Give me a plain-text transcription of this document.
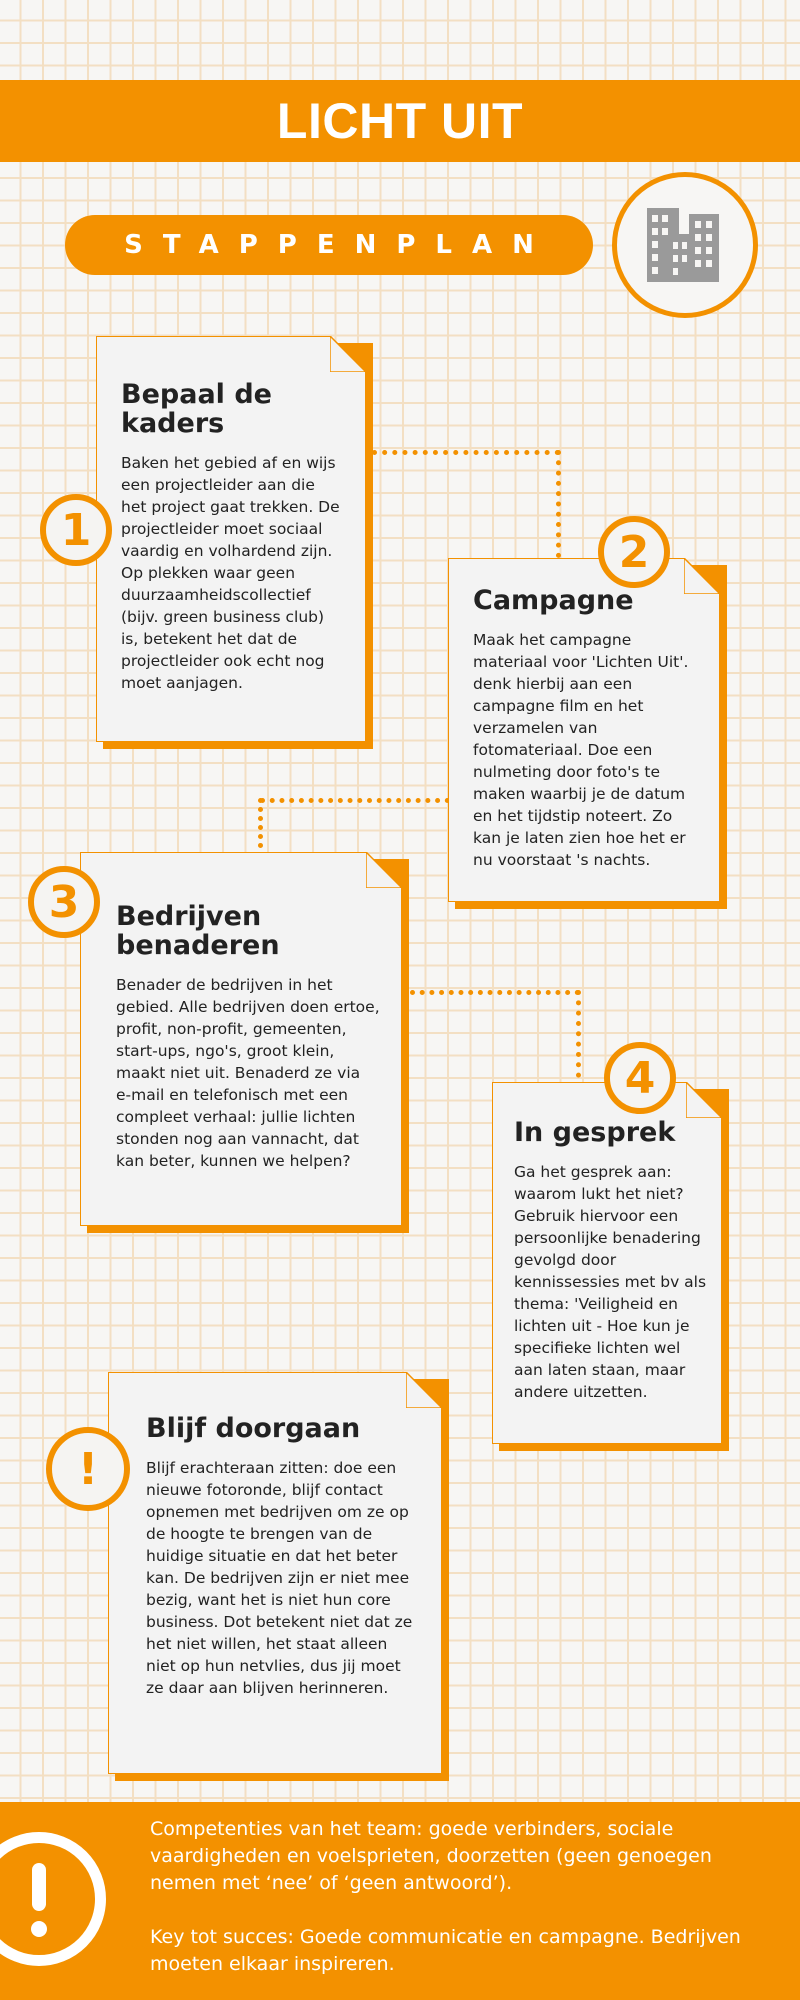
LICHT UIT
STAPPENPLAN
Bepaal de kaders

Baken het gebied af en wijs een projectleider aan die het project gaat trekken. De projectleider moet sociaal vaardig en volhardend zijn. Op plekken waar geen duurzaamheidscollectief (bijv. green business club) is, betekent het dat de projectleider ook echt nog moet aanjagen.

1
Campagne

Maak het campagne materiaal voor 'Lichten Uit'. denk hierbij aan een campagne film en het verzamelen van fotomateriaal. Doe een nulmeting door foto's te maken waarbij je de datum en het tijdstip noteert. Zo kan je laten zien hoe het er nu voorstaat 's nachts.

2
Bedrijven benaderen

Benader de bedrijven in het gebied. Alle bedrijven doen ertoe, profit, non-profit, gemeenten, start-ups, ngo's, groot klein, maakt niet uit. Benaderd ze via e-mail en telefonisch met een compleet verhaal: jullie lichten stonden nog aan vannacht, dat kan beter, kunnen we helpen?

3
In gesprek

Ga het gesprek aan: waarom lukt het niet? Gebruik hiervoor een persoonlijke benadering gevolgd door kennissessies met bv als thema: 'Veiligheid en lichten uit - Hoe kun je specifieke lichten wel aan laten staan, maar andere uitzetten.

4
Blijf doorgaan

Blijf erachteraan zitten: doe een nieuwe fotoronde, blijf contact opnemen met bedrijven om ze op de hoogte te brengen van de huidige situatie en dat het beter kan. De bedrijven zijn er niet mee bezig, want het is niet hun core business. Dot betekent niet dat ze het niet willen, het staat alleen niet op hun netvlies, dus jij moet ze daar aan blijven herinneren.

!

Competenties van het team: goede verbinders, sociale vaardigheden en voelsprieten, doorzetten (geen genoegen nemen met ‘nee’ of ‘geen antwoord’).

Key tot succes: Goede communicatie en campagne. Bedrijven moeten elkaar inspireren.
